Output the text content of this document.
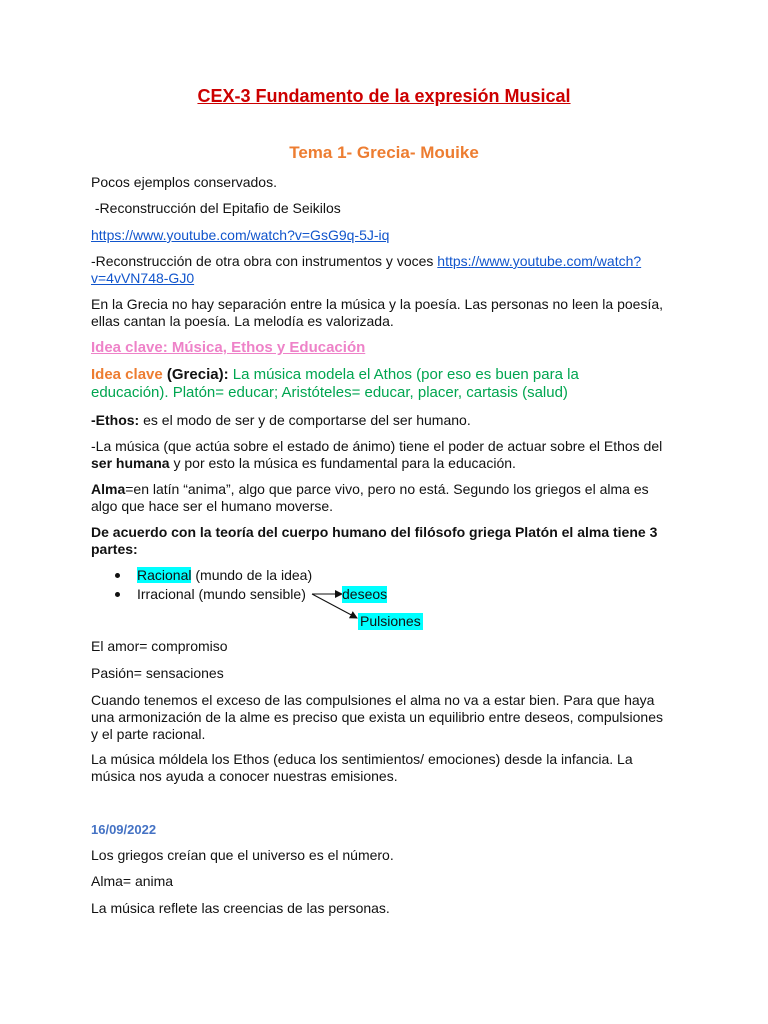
CEX-3 Fundamento de la expresión Musical
Tema 1- Grecia- Mouike

Pocos ejemplos conservados.

-Reconstrucción del Epitafio de Seikilos

https://www.youtube.com/watch?v=GsG9q-5J-iq
-Reconstrucción de otra obra con instrumentos y voces https://www.youtube.com/watch?
v=4vVN748-GJ0
En la Grecia no hay separación entre la música y la poesía. Las personas no leen la poesía,
ellas cantan la poesía. La melodía es valorizada.
Idea clave: Música, Ethos y Educación
Idea clave (Grecia): La música modela el Athos (por eso es buen para la
educación). Platón= educar; Aristóteles= educar, placer, cartasis (salud)
-Ethos: es el modo de ser y de comportarse del ser humano.
-La música (que actúa sobre el estado de ánimo) tiene el poder de actuar sobre el Ethos del
ser humana y por esto la música es fundamental para la educación.
Alma=en latín “anima”, algo que parce vivo, pero no está. Segundo los griegos el alma es
algo que hace ser el humano moverse.
De acuerdo con la teoría del cuerpo humano del filósofo griega Platón el alma tiene 3
partes:
Racional (mundo de la idea)
Irracional (mundo sensible)	deseos
Pulsiones

El amor= compromiso

Pasión= sensaciones

Cuando tenemos el exceso de las compulsiones el alma no va a estar bien. Para que haya
una armonización de la alme es preciso que exista un equilibrio entre deseos, compulsiones
y el parte racional.
La música móldela los Ethos (educa los sentimientos/ emociones) desde la infancia. La
música nos ayuda a conocer nuestras emisiones.
16/09/2022

Los griegos creían que el universo es el número.

Alma= anima

La música reflete las creencias de las personas.
